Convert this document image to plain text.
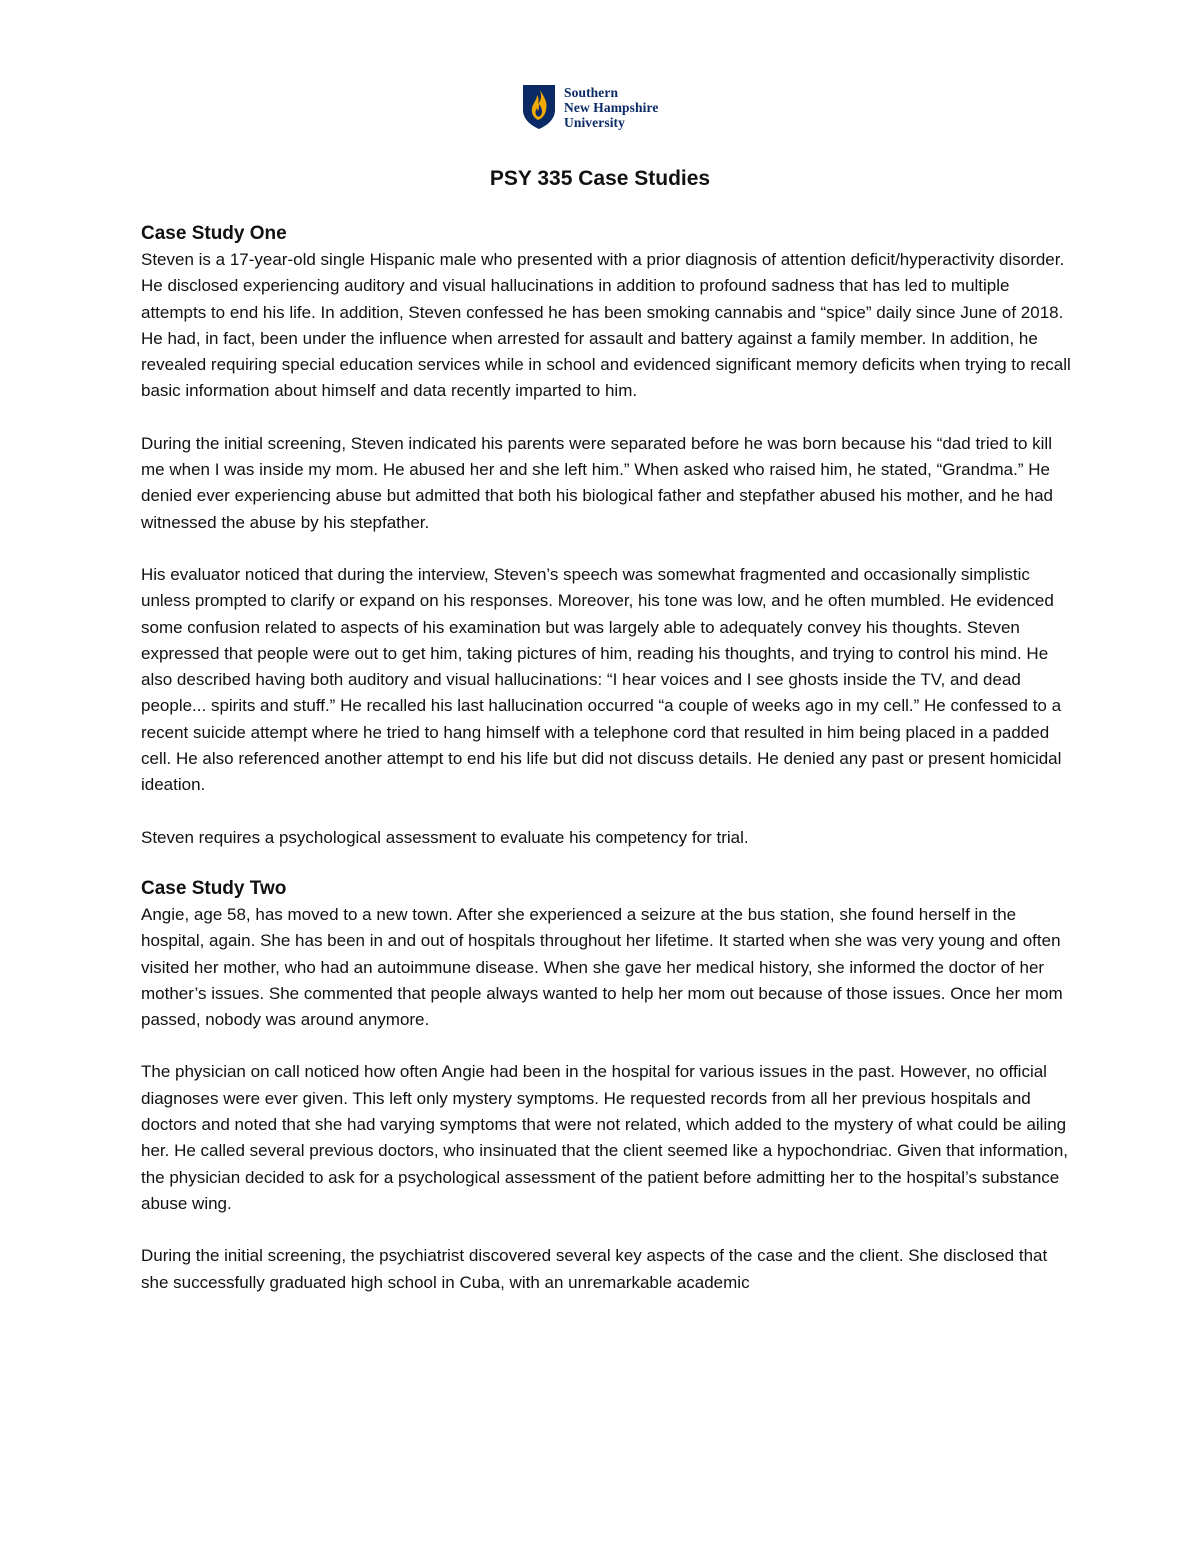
Southern
New Hampshire
University
PSY 335 Case Studies
Case Study One

Steven is a 17-year-old single Hispanic male who presented with a prior diagnosis of attention deficit/hyperactivity disorder. He disclosed experiencing auditory and visual hallucinations in addition to profound sadness that has led to multiple attempts to end his life. In addition, Steven confessed he has been smoking cannabis and “spice” daily since June of 2018. He had, in fact, been under the influence when arrested for assault and battery against a family member. In addition, he revealed requiring special education services while in school and evidenced significant memory deficits when trying to recall basic information about himself and data recently imparted to him.

During the initial screening, Steven indicated his parents were separated before he was born because his “dad tried to kill me when I was inside my mom. He abused her and she left him.” When asked who raised him, he stated, “Grandma.” He denied ever experiencing abuse but admitted that both his biological father and stepfather abused his mother, and he had witnessed the abuse by his stepfather.

His evaluator noticed that during the interview, Steven’s speech was somewhat fragmented and occasionally simplistic unless prompted to clarify or expand on his responses. Moreover, his tone was low, and he often mumbled. He evidenced some confusion related to aspects of his examination but was largely able to adequately convey his thoughts. Steven expressed that people were out to get him, taking pictures of him, reading his thoughts, and trying to control his mind. He also described having both auditory and visual hallucinations: “I hear voices and I see ghosts inside the TV, and dead people... spirits and stuff.” He recalled his last hallucination occurred “a couple of weeks ago in my cell.” He confessed to a recent suicide attempt where he tried to hang himself with a telephone cord that resulted in him being placed in a padded cell. He also referenced another attempt to end his life but did not discuss details. He denied any past or present homicidal ideation.

Steven requires a psychological assessment to evaluate his competency for trial.

Case Study Two

Angie, age 58, has moved to a new town. After she experienced a seizure at the bus station, she found herself in the hospital, again. She has been in and out of hospitals throughout her lifetime. It started when she was very young and often visited her mother, who had an autoimmune disease. When she gave her medical history, she informed the doctor of her mother’s issues. She commented that people always wanted to help her mom out because of those issues. Once her mom passed, nobody was around anymore.

The physician on call noticed how often Angie had been in the hospital for various issues in the past. However, no official diagnoses were ever given. This left only mystery symptoms. He requested records from all her previous hospitals and doctors and noted that she had varying symptoms that were not related, which added to the mystery of what could be ailing her. He called several previous doctors, who insinuated that the client seemed like a hypochondriac. Given that information, the physician decided to ask for a psychological assessment of the patient before admitting her to the hospital’s substance abuse wing.

During the initial screening, the psychiatrist discovered several key aspects of the case and the client. She disclosed that she successfully graduated high school in Cuba, with an unremarkable academic
